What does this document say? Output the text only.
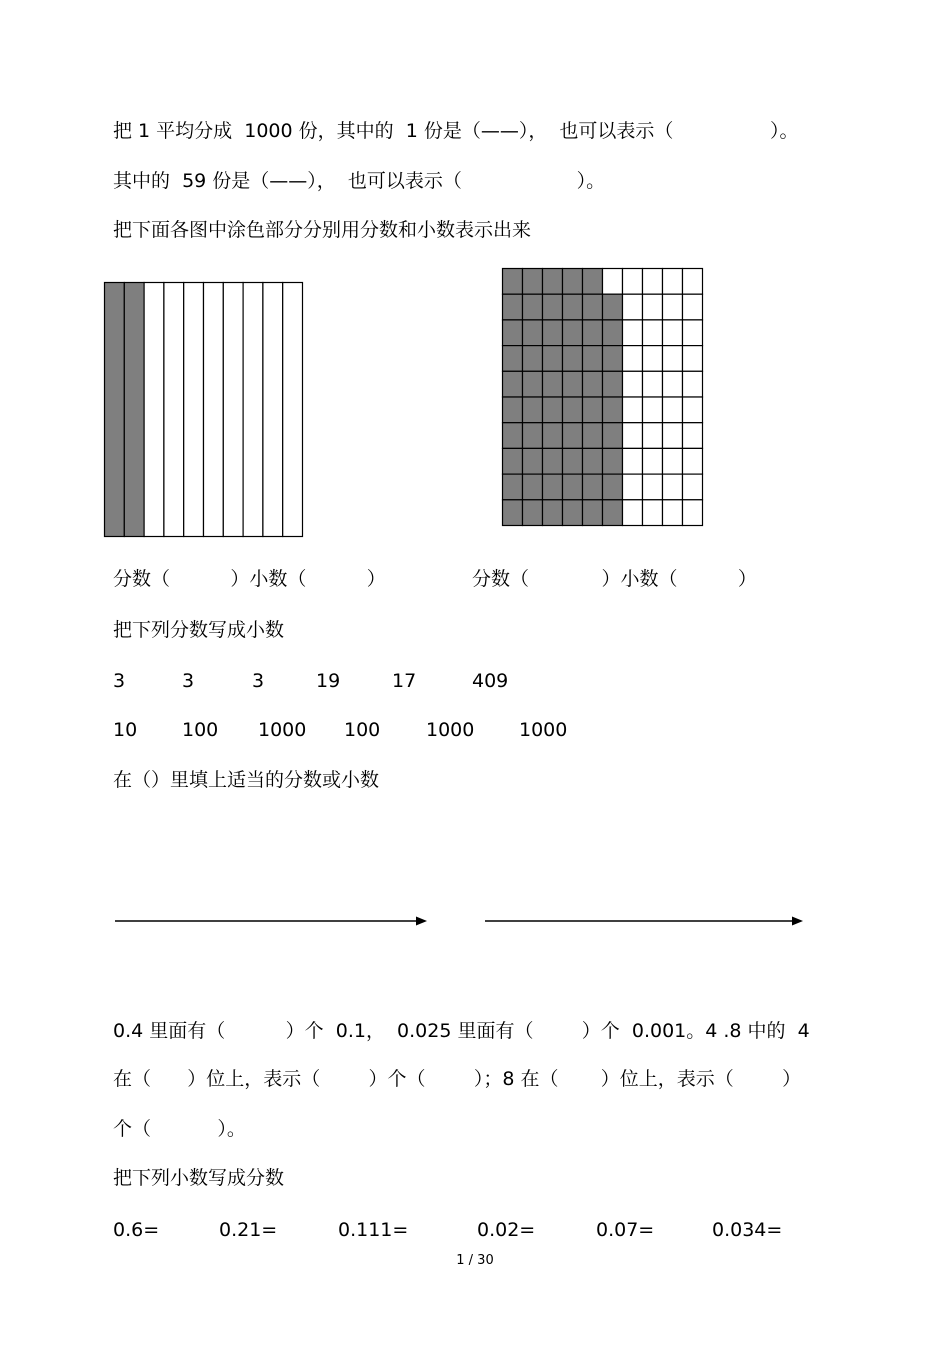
把 1 平均分成  1000 份，其中的  1 份是（——），  也可以表示（                ）。
其中的  59 份是（——），  也可以表示（                   ）。
把下面各图中涂色部分分别用分数和小数表示出来
分数（          ）小数（          ）	分数（            ）小数（          ）
把下列分数写成小数
3	3	3	19	17	409
10 100 1000 100 1000 1000
在（）里填上适当的分数或小数
0.4 里面有（          ）个  0.1，  0.025 里面有（        ）个  0.001。4 .8 中的  4
在（      ）位上，表示（        ）个（        ）；8 在（       ）位上，表示（        ）
个（           ）。
把下列小数写成分数
0.6=	0.21=	0.111=	0.02=	0.07=	0.034=
1 / 30
